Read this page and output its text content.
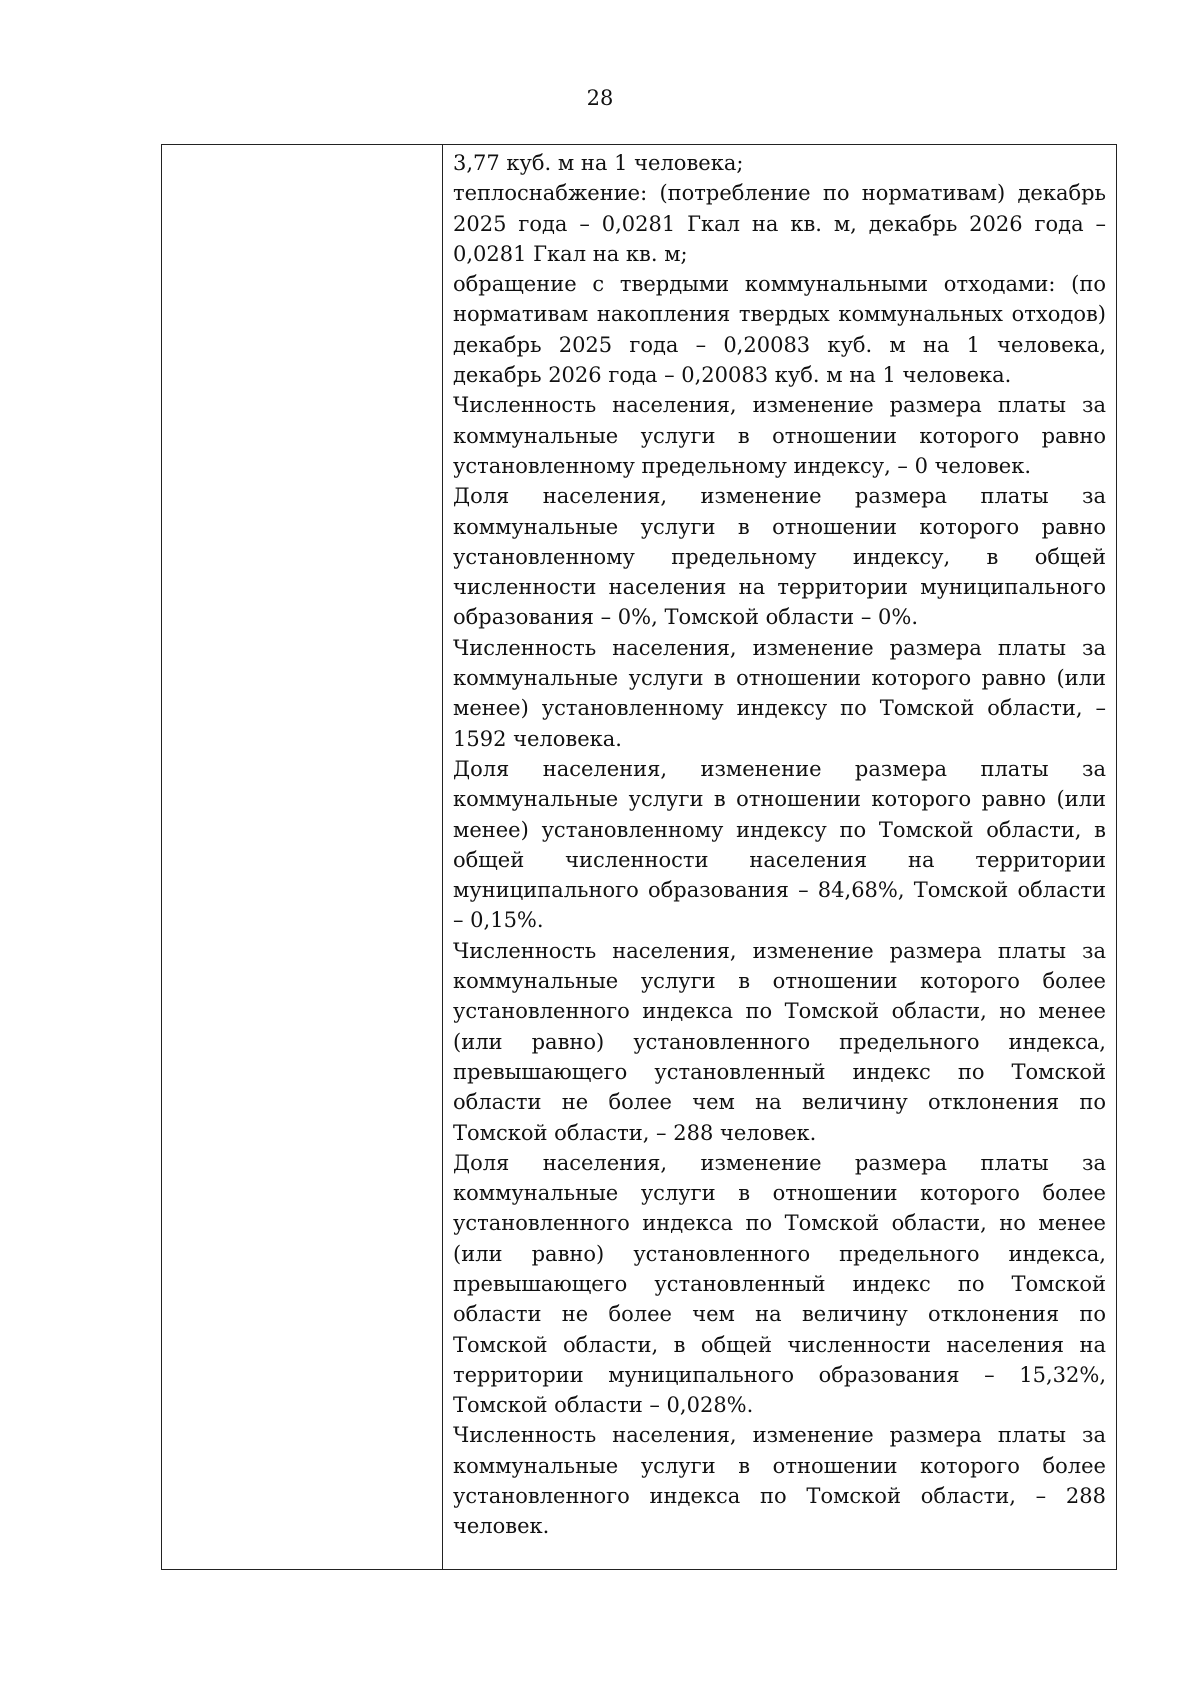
28

3,77 куб. м на 1 человека;

теплоснабжение: (потребление по нормативам) декабрь 2025 года – 0,0281 Гкал на кв. м, декабрь 2026 года – 0,0281 Гкал на кв. м;

обращение с твердыми коммунальными отходами: (по нормативам накопления твердых коммунальных отходов) декабрь 2025 года – 0,20083 куб. м на 1 человека, декабрь 2026 года – 0,20083 куб. м на 1 человека.

Численность населения, изменение размера платы за коммунальные услуги в отношении которого равно установленному предельному индексу, – 0 человек.

Доля населения, изменение размера платы за коммунальные услуги в отношении которого равно установленному предельному индексу, в общей численности населения на территории муниципального образования – 0%, Томской области – 0%.

Численность населения, изменение размера платы за коммунальные услуги в отношении которого равно (или менее) установленному индексу по Томской области, – 1592 человека.

Доля населения, изменение размера платы за коммунальные услуги в отношении которого равно (или менее) установленному индексу по Томской области, в общей численности населения на территории муниципального образования – 84,68%, Томской области – 0,15%.

Численность населения, изменение размера платы за коммунальные услуги в отношении которого более установленного индекса по Томской области, но менее (или равно) установленного предельного индекса, превышающего установленный индекс по Томской области не более чем на величину отклонения по Томской области, – 288 человек.

Доля населения, изменение размера платы за коммунальные услуги в отношении которого более установленного индекса по Томской области, но менее (или равно) установленного предельного индекса, превышающего установленный индекс по Томской области не более чем на величину отклонения по Томской области, в общей численности населения на территории муниципального образования – 15,32%, Томской области – 0,028%.

Численность населения, изменение размера платы за коммунальные услуги в отношении которого более установленного индекса по Томской области, – 288 человек.
